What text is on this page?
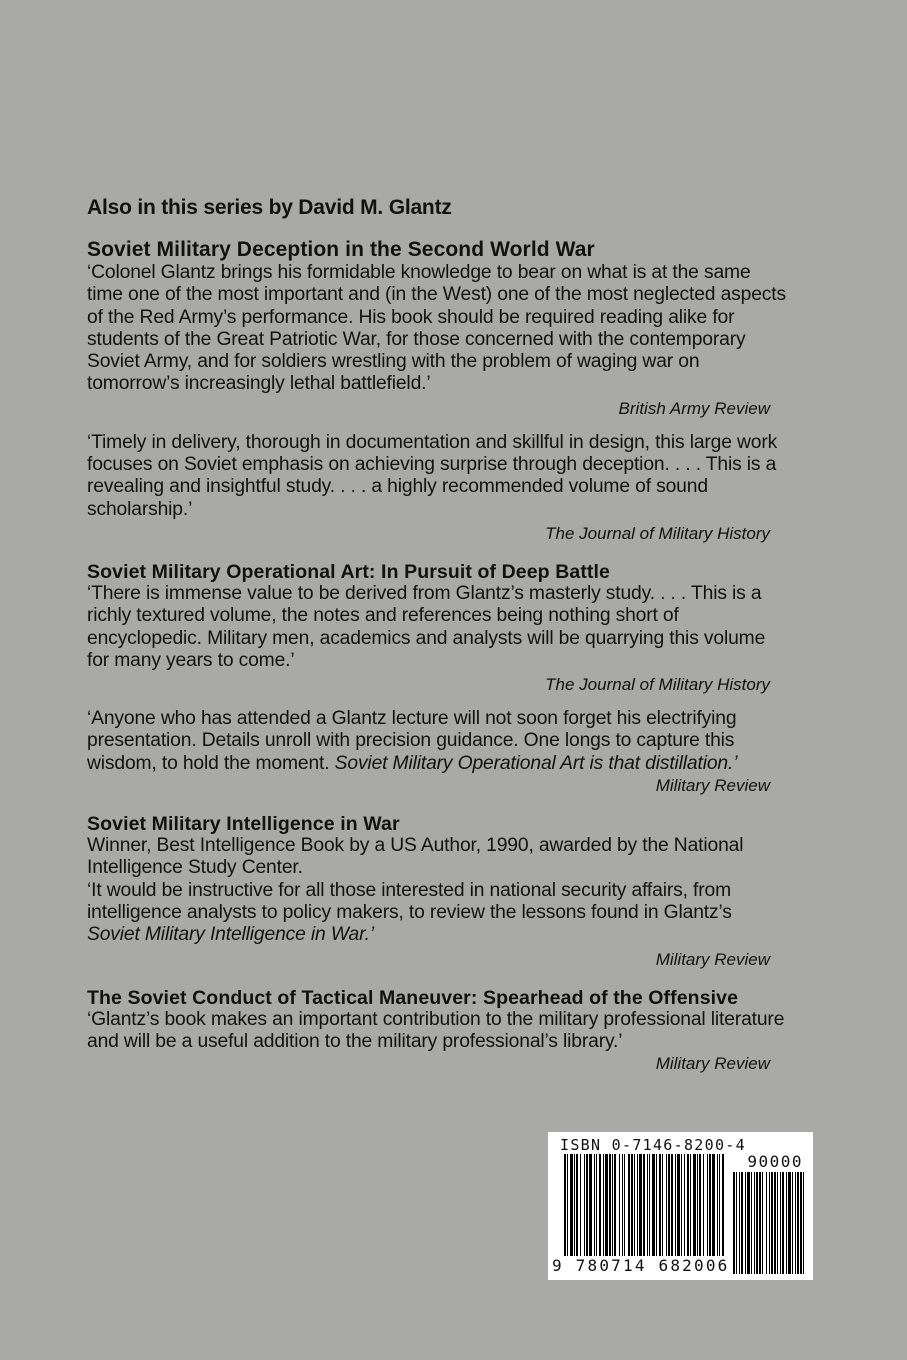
Also in this series by David M. Glantz
Soviet Military Deception in the Second World War

‘Colonel Glantz brings his formidable knowledge to bear on what is at the same time one of the most important and (in the West) one of the most neglected aspects of the Red Army’s performance. His book should be required reading alike for students of the Great Patriotic War, for those concerned with the contemporary Soviet Army, and for soldiers wrestling with the problem of waging war on tomorrow’s increasingly lethal battlefield.’

British Army Review

‘Timely in delivery, thorough in documentation and skillful in design, this large work focuses on Soviet emphasis on achieving surprise through deception. . . . This is a revealing and insightful study. . . . a highly recommended volume of sound scholarship.’

The Journal of Military History
Soviet Military Operational Art: In Pursuit of Deep Battle

‘There is immense value to be derived from Glantz’s masterly study. . . . This is a richly textured volume, the notes and references being nothing short of encyclopedic. Military men, academics and analysts will be quarrying this volume for many years to come.’

The Journal of Military History

‘Anyone who has attended a Glantz lecture will not soon forget his electrifying presentation. Details unroll with precision guidance. One longs to capture this wisdom, to hold the moment. Soviet Military Operational Art is that distillation.’

Military Review
Soviet Military Intelligence in War

Winner, Best Intelligence Book by a US Author, 1990, awarded by the National Intelligence Study Center.

‘It would be instructive for all those interested in national security affairs, from intelligence analysts to policy makers, to review the lessons found in Glantz’s Soviet Military Intelligence in War.’

Military Review
The Soviet Conduct of Tactical Maneuver: Spearhead of the Offensive

‘Glantz’s book makes an important contribution to the military professional literature and will be a useful addition to the military professional’s library.’

Military Review
ISBN 0-7146-8200-4
90000
9 780714 682006
